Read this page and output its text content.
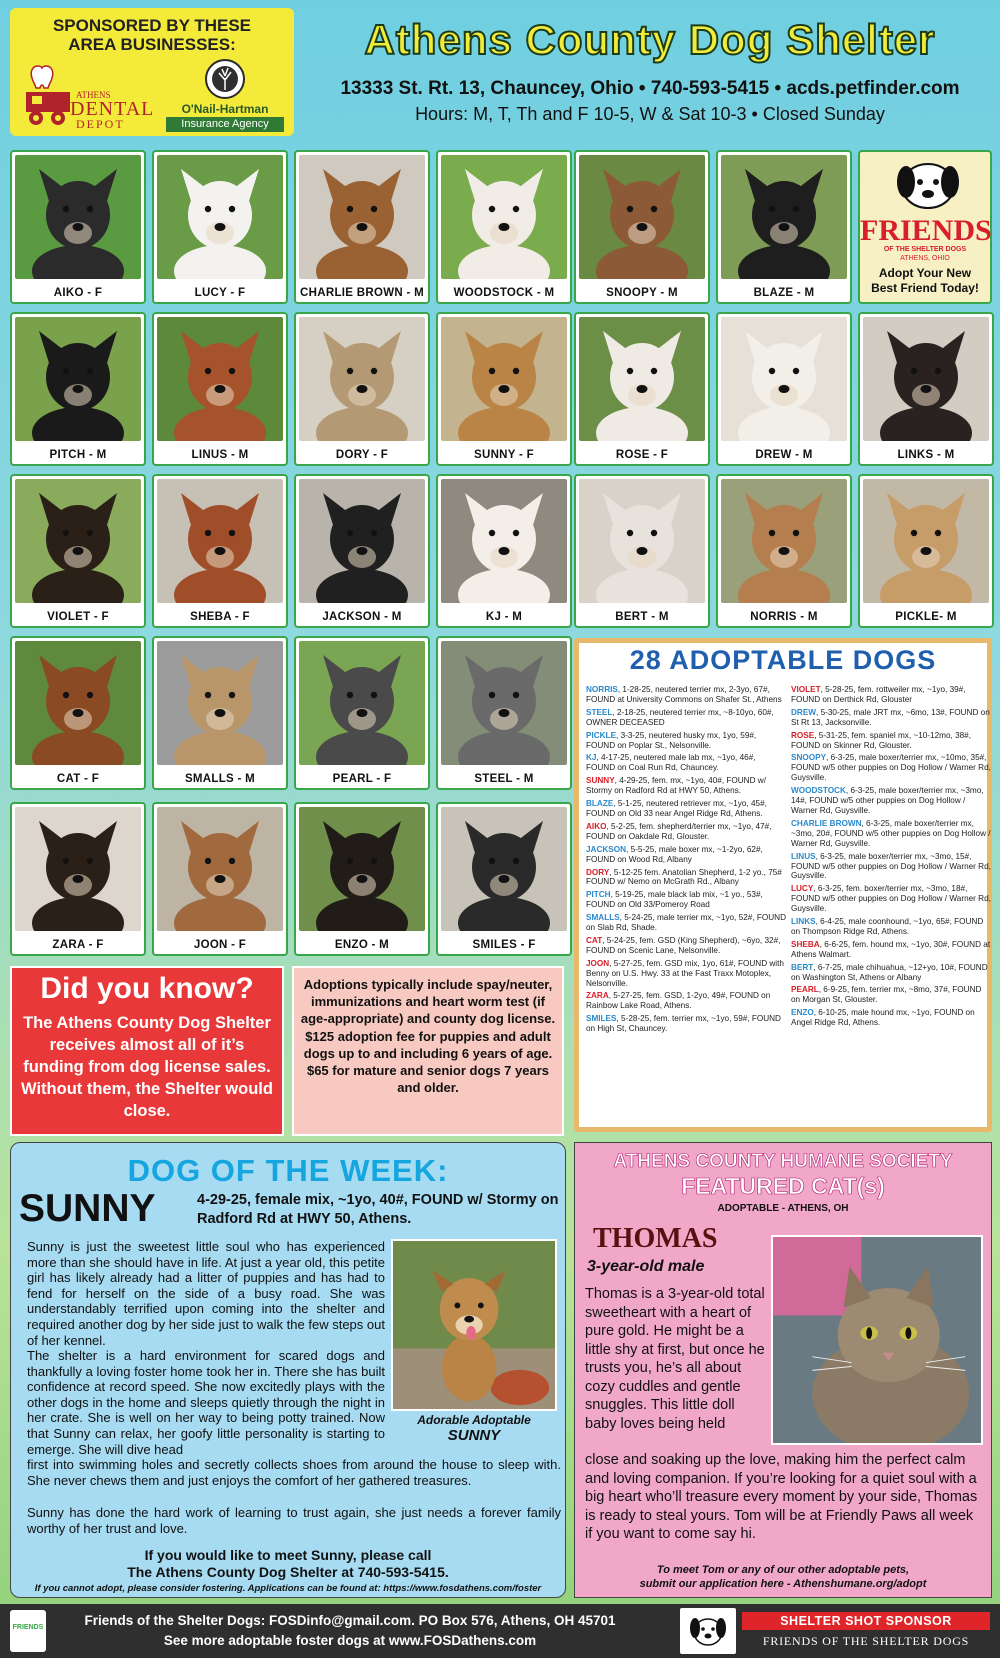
SPONSORED BY THESE
AREA BUSINESSES:
ATHENS
DENTAL
DEPOT
O'Nail-Hartman
Insurance Agency
Athens County Dog Shelter
13333 St. Rt. 13, Chauncey, Ohio • 740-593-5415 • acds.petfinder.com
Hours: M, T, Th and F 10-5, W & Sat 10-3 • Closed Sunday
AIKO - F	LUCY - F	CHARLIE BROWN - M	WOODSTOCK - M	SNOOPY - M	BLAZE - M
PITCH - M	LINUS - M	DORY - F	SUNNY - F	ROSE - F	DREW - M	LINKS - M
VIOLET - F	SHEBA - F	JACKSON - M	KJ - M	BERT - M	NORRIS - M	PICKLE- M
CAT - F	SMALLS - M	PEARL - F	STEEL - M
ZARA - F	JOON - F	ENZO - M	SMILES - F
FRIENDS
OF THE SHELTER DOGS
ATHENS, OHIO
Adopt Your New
Best Friend Today!
28 ADOPTABLE DOGS

NORRIS, 1-28-25, neutered terrier mx, 2-3yo, 67#, FOUND at University Commons on Shafer St., Athens

STEEL, 2-18-25, neutered terrier mx, ~8-10yo, 60#, OWNER DECEASED

PICKLE, 3-3-25, neutered husky mx, 1yo, 59#, FOUND on Poplar St., Nelsonville.

KJ, 4-17-25, neutered male lab mx, ~1yo, 46#, FOUND on Coal Run Rd, Chauncey.

SUNNY, 4-29-25, fem. mx, ~1yo, 40#, FOUND w/ Stormy on Radford Rd at HWY 50, Athens.

BLAZE, 5-1-25, neutered retriever mx, ~1yo, 45#, FOUND on Old 33 near Angel Ridge Rd, Athens.

AIKO, 5-2-25, fem. shepherd/terrier mx, ~1yo, 47#, FOUND on Oakdale Rd, Glouster.

JACKSON, 5-5-25, male boxer mx, ~1-2yo, 62#, FOUND on Wood Rd, Albany

DORY, 5-12-25 fem. Anatolian Shepherd, 1-2 yo., 75# FOUND w/ Nemo on McGrath Rd., Albany

PITCH, 5-19-25, male black lab mix, ~1 yo., 53#, FOUND on Old 33/Pomeroy Road

SMALLS, 5-24-25, male terrier mx, ~1yo, 52#, FOUND on Slab Rd, Shade.

CAT, 5-24-25, fem. GSD (King Shepherd), ~6yo, 32#, FOUND on Scenic Lane, Nelsonville.

JOON, 5-27-25, fem. GSD mix, 1yo, 61#, FOUND with Benny on U.S. Hwy. 33 at the Fast Traxx Motoplex, Nelsonville.

ZARA, 5-27-25, fem. GSD, 1-2yo, 49#, FOUND on Rainbow Lake Road, Athens.

SMILES, 5-28-25, fem. terrier mx, ~1yo, 59#, FOUND on High St, Chauncey.

VIOLET, 5-28-25, fem. rottweiler mx, ~1yo, 39#, FOUND on Derthick Rd, Glouster

DREW, 5-30-25, male JRT mx, ~6mo, 13#, FOUND on St Rt 13, Jacksonville.

ROSE, 5-31-25, fem. spaniel mx, ~10-12mo, 38#, FOUND on Skinner Rd, Glouster.

SNOOPY, 6-3-25, male boxer/terrier mx, ~10mo, 35#, FOUND w/5 other puppies on Dog Hollow / Warner Rd, Guysville.

WOODSTOCK, 6-3-25, male boxer/terrier mx, ~3mo, 14#, FOUND w/5 other puppies on Dog Hollow / Warner Rd, Guysville.

CHARLIE BROWN, 6-3-25, male boxer/terrier mx, ~3mo, 20#, FOUND w/5 other puppies on Dog Hollow / Warner Rd, Guysville.

LINUS, 6-3-25, male boxer/terrier mx, ~3mo, 15#, FOUND w/5 other puppies on Dog Hollow / Warner Rd, Guysville.

LUCY, 6-3-25, fem. boxer/terrier mx, ~3mo, 18#, FOUND w/5 other puppies on Dog Hollow / Warner Rd, Guysville.

LINKS, 6-4-25, male coonhound, ~1yo, 65#, FOUND on Thompson Ridge Rd, Athens.

SHEBA, 6-6-25, fem. hound mx, ~1yo, 30#, FOUND at Athens Walmart.

BERT, 6-7-25, male chihuahua, ~12+yo, 10#, FOUND on Washington St, Athens or Albany

PEARL, 6-9-25, fem. terrier mx, ~8mo, 37#, FOUND on Morgan St, Glouster.

ENZO, 6-10-25, male hound mx, ~1yo, FOUND on Angel Ridge Rd, Athens.

Did you know?
The Athens County Dog Shelter receives almost all of it’s funding from dog license sales. Without them, the Shelter would close.
Adoptions typically include spay/neuter, immunizations and heart worm test (if age-appropriate) and county dog license. $125 adoption fee for puppies and adult dogs up to and including 6 years of age. $65 for mature and senior dogs 7 years and older.
DOG OF THE WEEK:
SUNNY	4-29-25, female mix, ~1yo, 40#, FOUND w/ Stormy on Radford Rd at HWY 50, Athens.
Adorable Adoptable
SUNNY
Sunny is just the sweetest little soul who has experienced more than she should have in life. At just a year old, this petite girl has likely already had a litter of puppies and has had to fend for herself on the side of a busy road. She was understandably terrified upon coming into the shelter and required another dog by her side just to walk the few steps out of her kennel.
The shelter is a hard environment for scared dogs and thankfully a loving foster home took her in. There she has built confidence at record speed. She now excitedly plays with the other dogs in the home and sleeps quietly through the night in her crate. She is well on her way to being potty trained. Now that Sunny can relax, her goofy little personality is starting to emerge. She will dive head
first into swimming holes and secretly collects shoes from around the house to sleep with. She never chews them and just enjoys the comfort of her gathered treasures.
Sunny has done the hard work of learning to trust again, she just needs a forever family worthy of her trust and love.
If you would like to meet Sunny, please call
The Athens County Dog Shelter at 740-593-5415.
If you cannot adopt, please consider fostering. Applications can be found at: https://www.fosdathens.com/foster
ATHENS COUNTY HUMANE SOCIETY
FEATURED CAT(s)
ADOPTABLE - ATHENS, OH
THOMAS
3-year-old male
Thomas is a 3-year-old total sweetheart with a heart of pure gold. He might be a little shy at first, but once he trusts you, he’s all about cozy cuddles and gentle snuggles. This little doll baby loves being held
close and soaking up the love, making him the perfect calm and loving companion. If you’re looking for a quiet soul with a big heart who’ll treasure every moment by your side, Thomas is ready to steal yours. Tom will be at Friendly Paws all week if you want to come say hi.
To meet Tom or any of our other adoptable pets,
submit our application here - Athenshumane.org/adopt
FRIENDS	Friends of the Shelter Dogs: FOSDinfo@gmail.com. PO Box 576, Athens, OH 45701
See more adoptable foster dogs at www.FOSDathens.com
SHELTER SHOT SPONSOR
FRIENDS OF THE SHELTER DOGS
